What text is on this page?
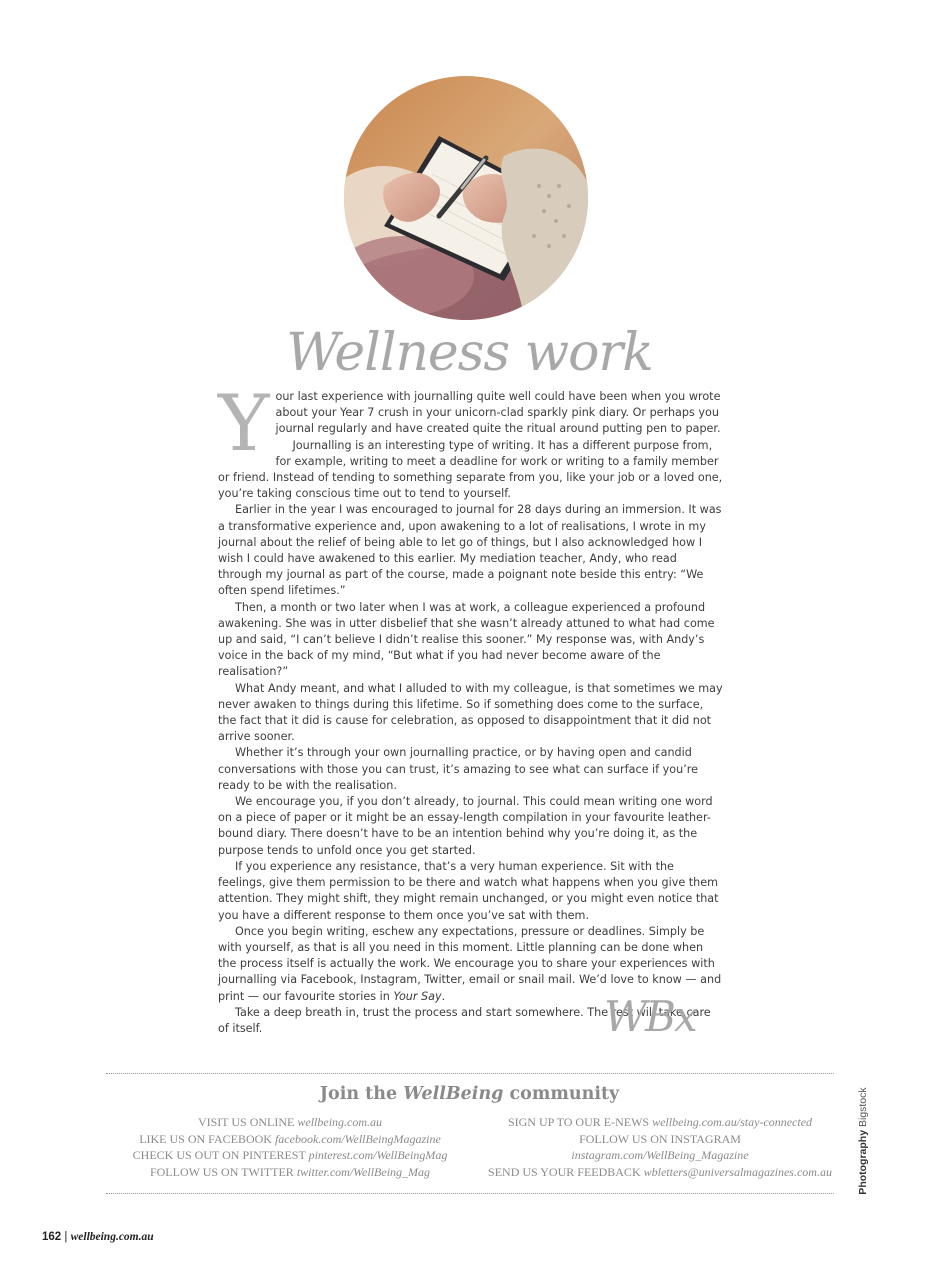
Wellness work

Your last experience with journalling quite well could have been when you wrote about your Year 7 crush in your unicorn-clad sparkly pink diary. Or perhaps you journal regularly and have created quite the ritual around putting pen to paper.

Journalling is an interesting type of writing. It has a different purpose from, for example, writing to meet a deadline for work or writing to a family member or friend. Instead of tending to something separate from you, like your job or a loved one, you’re taking conscious time out to tend to yourself.

Earlier in the year I was encouraged to journal for 28 days during an immersion. It was a transformative experience and, upon awakening to a lot of realisations, I wrote in my journal about the relief of being able to let go of things, but I also acknowledged how I wish I could have awakened to this earlier. My mediation teacher, Andy, who read through my journal as part of the course, made a poignant note beside this entry: “We often spend lifetimes.”

Then, a month or two later when I was at work, a colleague experienced a profound awakening. She was in utter disbelief that she wasn’t already attuned to what had come up and said, “I can’t believe I didn’t realise this sooner.” My response was, with Andy’s voice in the back of my mind, “But what if you had never become aware of the realisation?”

What Andy meant, and what I alluded to with my colleague, is that sometimes we may never awaken to things during this lifetime. So if something does come to the surface, the fact that it did is cause for celebration, as opposed to disappointment that it did not arrive sooner.

Whether it’s through your own journalling practice, or by having open and candid conversations with those you can trust, it’s amazing to see what can surface if you’re ready to be with the realisation.

We encourage you, if you don’t already, to journal. This could mean writing one word on a piece of paper or it might be an essay-length compilation in your favourite leather-bound diary. There doesn’t have to be an intention behind why you’re doing it, as the purpose tends to unfold once you get started.

If you experience any resistance, that’s a very human experience. Sit with the feelings, give them permission to be there and watch what happens when you give them attention. They might shift, they might remain unchanged, or you might even notice that you have a different response to them once you’ve sat with them.

Once you begin writing, eschew any expectations, pressure or deadlines. Simply be with yourself, as that is all you need in this moment. Little planning can be done when the process itself is actually the work. We encourage you to share your experiences with journalling via Facebook, Instagram, Twitter, email or snail mail. We’d love to know — and print — our favourite stories in Your Say.

Take a deep breath in, trust the process and start somewhere. The rest will take care of itself.	WBx
Join the WellBeing community
VISIT US ONLINE wellbeing.com.au
LIKE US ON FACEBOOK facebook.com/WellBeingMagazine
CHECK US OUT ON PINTEREST pinterest.com/WellBeingMag
FOLLOW US ON TWITTER twitter.com/WellBeing_Mag
SIGN UP TO OUR E-NEWS wellbeing.com.au/stay-connected
FOLLOW US ON INSTAGRAM
instagram.com/WellBeing_Magazine
SEND US YOUR FEEDBACK wbletters@universalmagazines.com.au	Photography Bigstock
162 | wellbeing.com.au
